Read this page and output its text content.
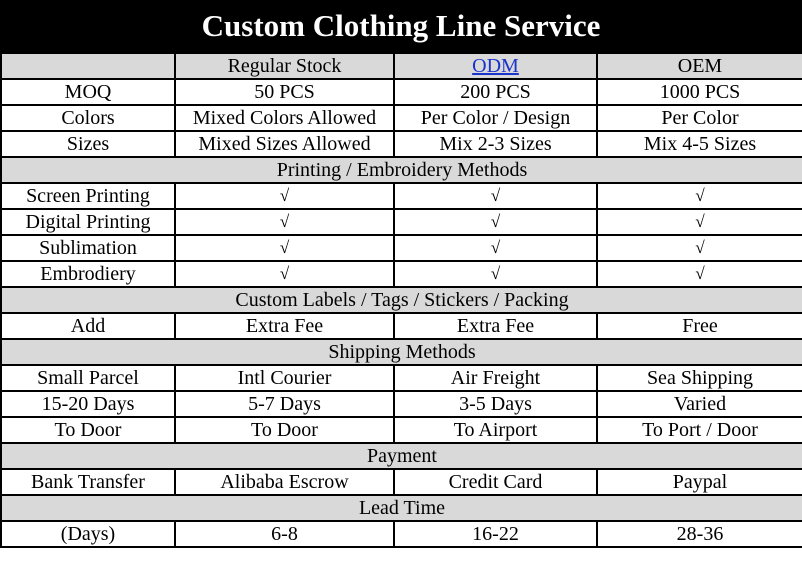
Custom Clothing Line Service
	Regular Stock	ODM	OEM
MOQ	50 PCS	200 PCS	1000 PCS
Colors	Mixed Colors Allowed	Per Color / Design	Per Color
Sizes	Mixed Sizes Allowed	Mix 2-3 Sizes	Mix 4-5 Sizes
Printing / Embroidery Methods			
Screen Printing	√	√	√
Digital Printing	√	√	√
Sublimation	√	√	√
Embrodiery	√	√	√
Custom Labels / Tags / Stickers / Packing			
Add	Extra Fee	Extra Fee	Free
Shipping Methods			
Small Parcel	Intl Courier	Air Freight	Sea Shipping
15-20 Days	5-7 Days	3-5 Days	Varied
To Door	To Door	To Airport	To Port / Door
Payment			
Bank Transfer	Alibaba Escrow	Credit Card	Paypal
Lead Time			
(Days)	6-8	16-22	28-36
